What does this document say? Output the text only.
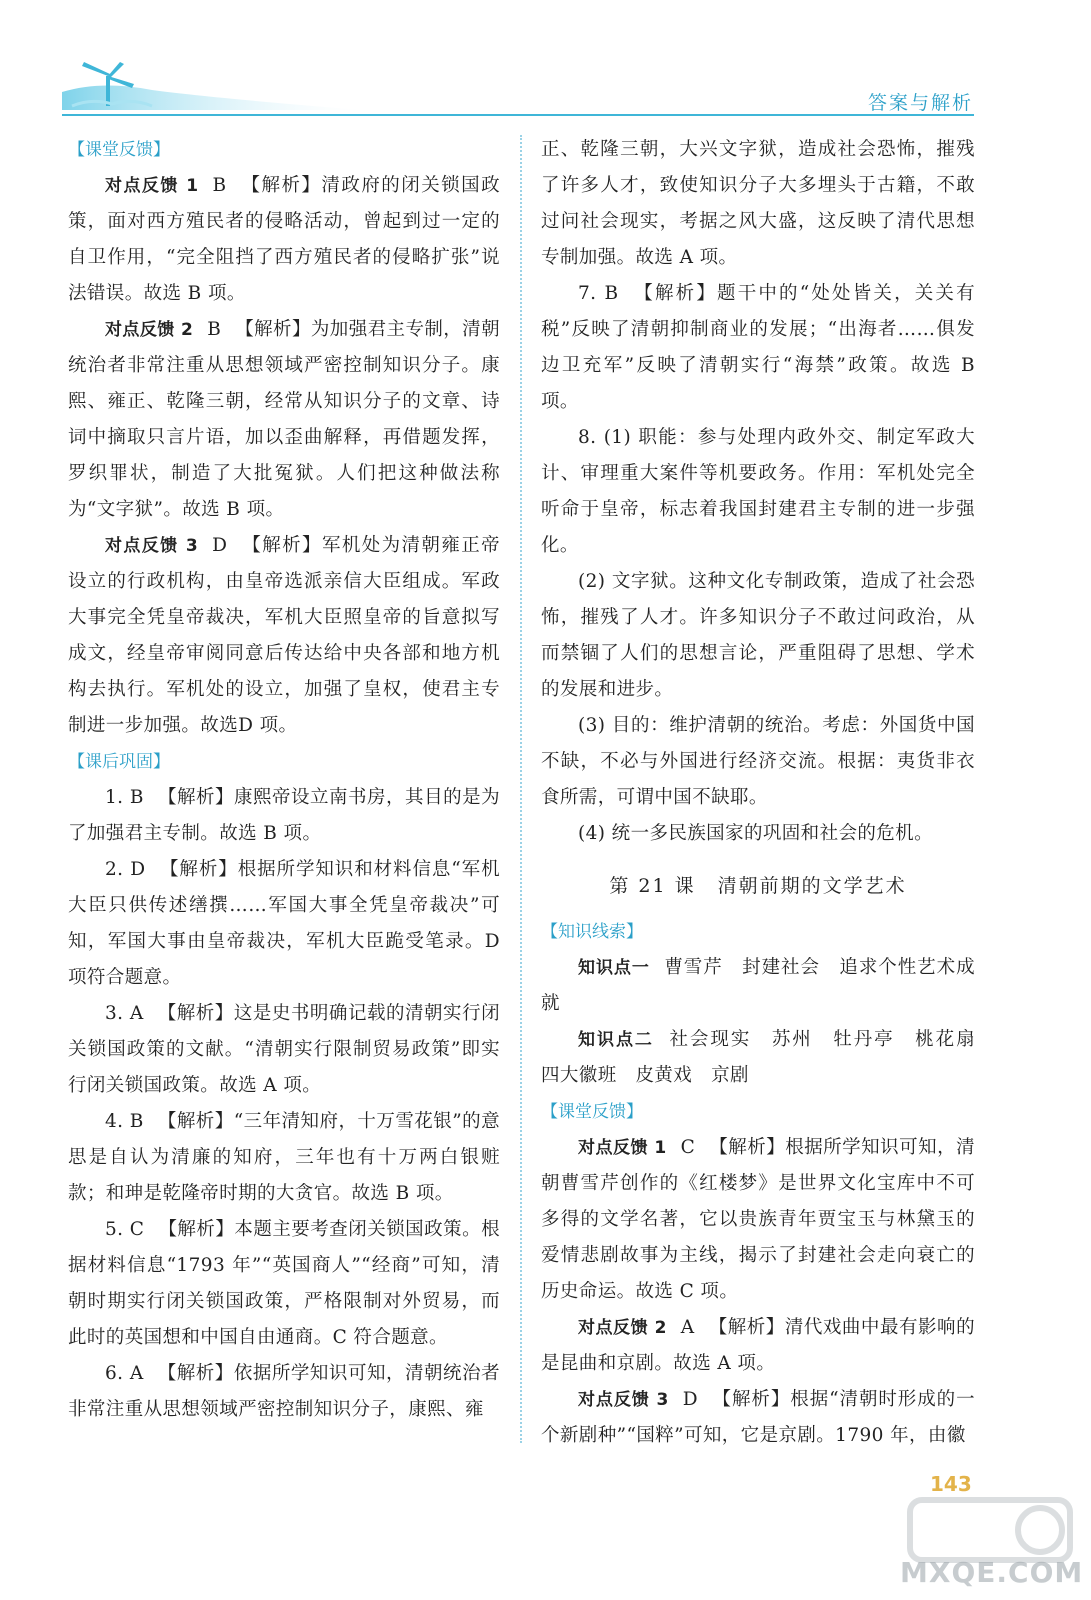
答案与解析
【课堂反馈】

对点反馈 1 B 【解析】清政府的闭关锁国政策，面对西方殖民者的侵略活动，曾起到过一定的自卫作用，“完全阻挡了西方殖民者的侵略扩张”说法错误。故选 B 项。

对点反馈 2 B 【解析】为加强君主专制，清朝统治者非常注重从思想领域严密控制知识分子。康熙、雍正、乾隆三朝，经常从知识分子的文章、诗词中摘取只言片语，加以歪曲解释，再借题发挥，罗织罪状，制造了大批冤狱。人们把这种做法称为“文字狱”。故选 B 项。

对点反馈 3 D 【解析】军机处为清朝雍正帝设立的行政机构，由皇帝选派亲信大臣组成。军政大事完全凭皇帝裁决，军机大臣照皇帝的旨意拟写成文，经皇帝审阅同意后传达给中央各部和地方机构去执行。军机处的设立，加强了皇权，使君主专制进一步加强。故选D 项。

【课后巩固】

1. B 【解析】康熙帝设立南书房，其目的是为了加强君主专制。故选 B 项。

2. D 【解析】根据所学知识和材料信息“军机大臣只供传述缮撰……军国大事全凭皇帝裁决”可知，军国大事由皇帝裁决，军机大臣跪受笔录。D 项符合题意。

3. A 【解析】这是史书明确记载的清朝实行闭关锁国政策的文献。“清朝实行限制贸易政策”即实行闭关锁国政策。故选 A 项。

4. B 【解析】“三年清知府，十万雪花银”的意思是自认为清廉的知府，三年也有十万两白银赃款；和珅是乾隆帝时期的大贪官。故选 B 项。

5. C 【解析】本题主要考查闭关锁国政策。根据材料信息“1793 年”“英国商人”“经商”可知，清朝时期实行闭关锁国政策，严格限制对外贸易，而此时的英国想和中国自由通商。C 符合题意。

6. A 【解析】依据所学知识可知，清朝统治者非常注重从思想领域严密控制知识分子，康熙、雍

正、乾隆三朝，大兴文字狱，造成社会恐怖，摧残了许多人才，致使知识分子大多埋头于古籍，不敢过问社会现实，考据之风大盛，这反映了清代思想专制加强。故选 A 项。

7. B 【解析】题干中的“处处皆关，关关有税”反映了清朝抑制商业的发展；“出海者……俱发边卫充军”反映了清朝实行“海禁”政策。故选 B 项。

8. (1) 职能：参与处理内政外交、制定军政大计、审理重大案件等机要政务。作用：军机处完全听命于皇帝，标志着我国封建君主专制的进一步强化。

(2) 文字狱。这种文化专制政策，造成了社会恐怖，摧残了人才。许多知识分子不敢过问政治，从而禁锢了人们的思想言论，严重阻碍了思想、学术的发展和进步。

(3) 目的：维护清朝的统治。考虑：外国货中国不缺，不必与外国进行经济交流。根据：夷货非衣食所需，可谓中国不缺耶。

(4) 统一多民族国家的巩固和社会的危机。

第 21 课 清朝前期的文学艺术
【知识线索】

知识点一 曹雪芹　封建社会　追求个性艺术成就

知识点二 社会现实　苏州　牡丹亭　桃花扇　四大徽班　皮黄戏　京剧

【课堂反馈】

对点反馈 1 C 【解析】根据所学知识可知，清朝曹雪芹创作的《红楼梦》是世界文化宝库中不可多得的文学名著，它以贵族青年贾宝玉与林黛玉的爱情悲剧故事为主线，揭示了封建社会走向衰亡的历史命运。故选 C 项。

对点反馈 2 A 【解析】清代戏曲中最有影响的是昆曲和京剧。故选 A 项。

对点反馈 3 D 【解析】根据“清朝时形成的一个新剧种”“国粹”可知，它是京剧。1790 年，由徽

143
MXQE.COM
